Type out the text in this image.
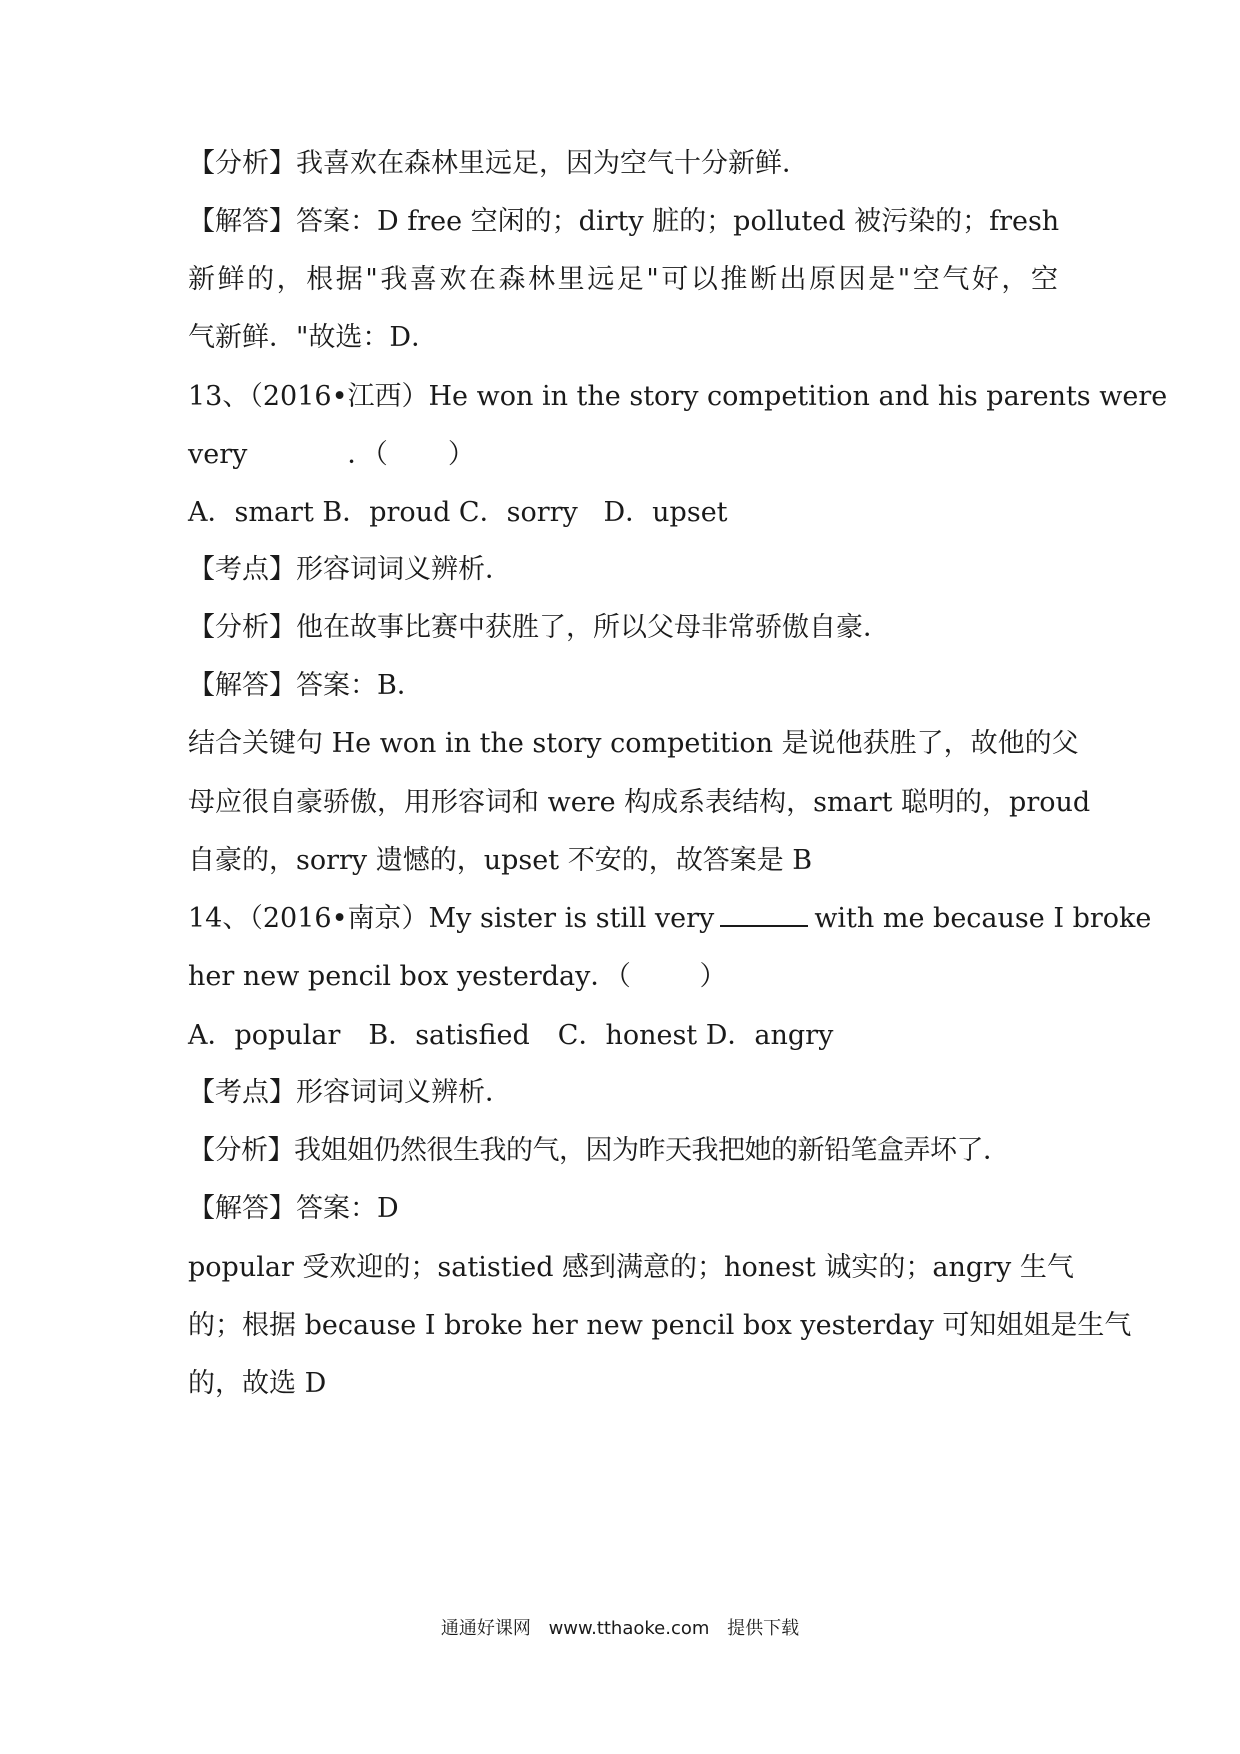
【分析】我喜欢在森林里远足，因为空气十分新鲜．
【解答】答案：D free 空闲的；dirty 脏的；polluted 被污染的；fresh
新鲜的，根据"我喜欢在森林里远足"可以推断出原因是"空气好，空
气新鲜．"故选：D．
13、（2016•江西）He won in the story competition and his parents were
very	．（ ）
A．smart B．proud C．sorry   D．upset
【考点】形容词词义辨析．
【分析】他在故事比赛中获胜了，所以父母非常骄傲自豪．
【解答】答案：B．
结合关键句 He won in the story competition 是说他获胜了，故他的父
母应很自豪骄傲，用形容词和 were 构成系表结构，smart 聪明的，proud
自豪的，sorry 遗憾的，upset 不安的，故答案是 B
14、（2016•南京）My sister is still very	with me because I broke
her new pencil box yesterday．（        ）
A．popular B．satisfied C．honest D．angry
【考点】形容词词义辨析．
【分析】我姐姐仍然很生我的气，因为昨天我把她的新铅笔盒弄坏了．
【解答】答案：D
popular 受欢迎的；satistied 感到满意的；honest 诚实的；angry 生气
的；根据 because I broke her new pencil box yesterday 可知姐姐是生气
的，故选 D
通通好课网 www.tthaoke.com 提供下载
